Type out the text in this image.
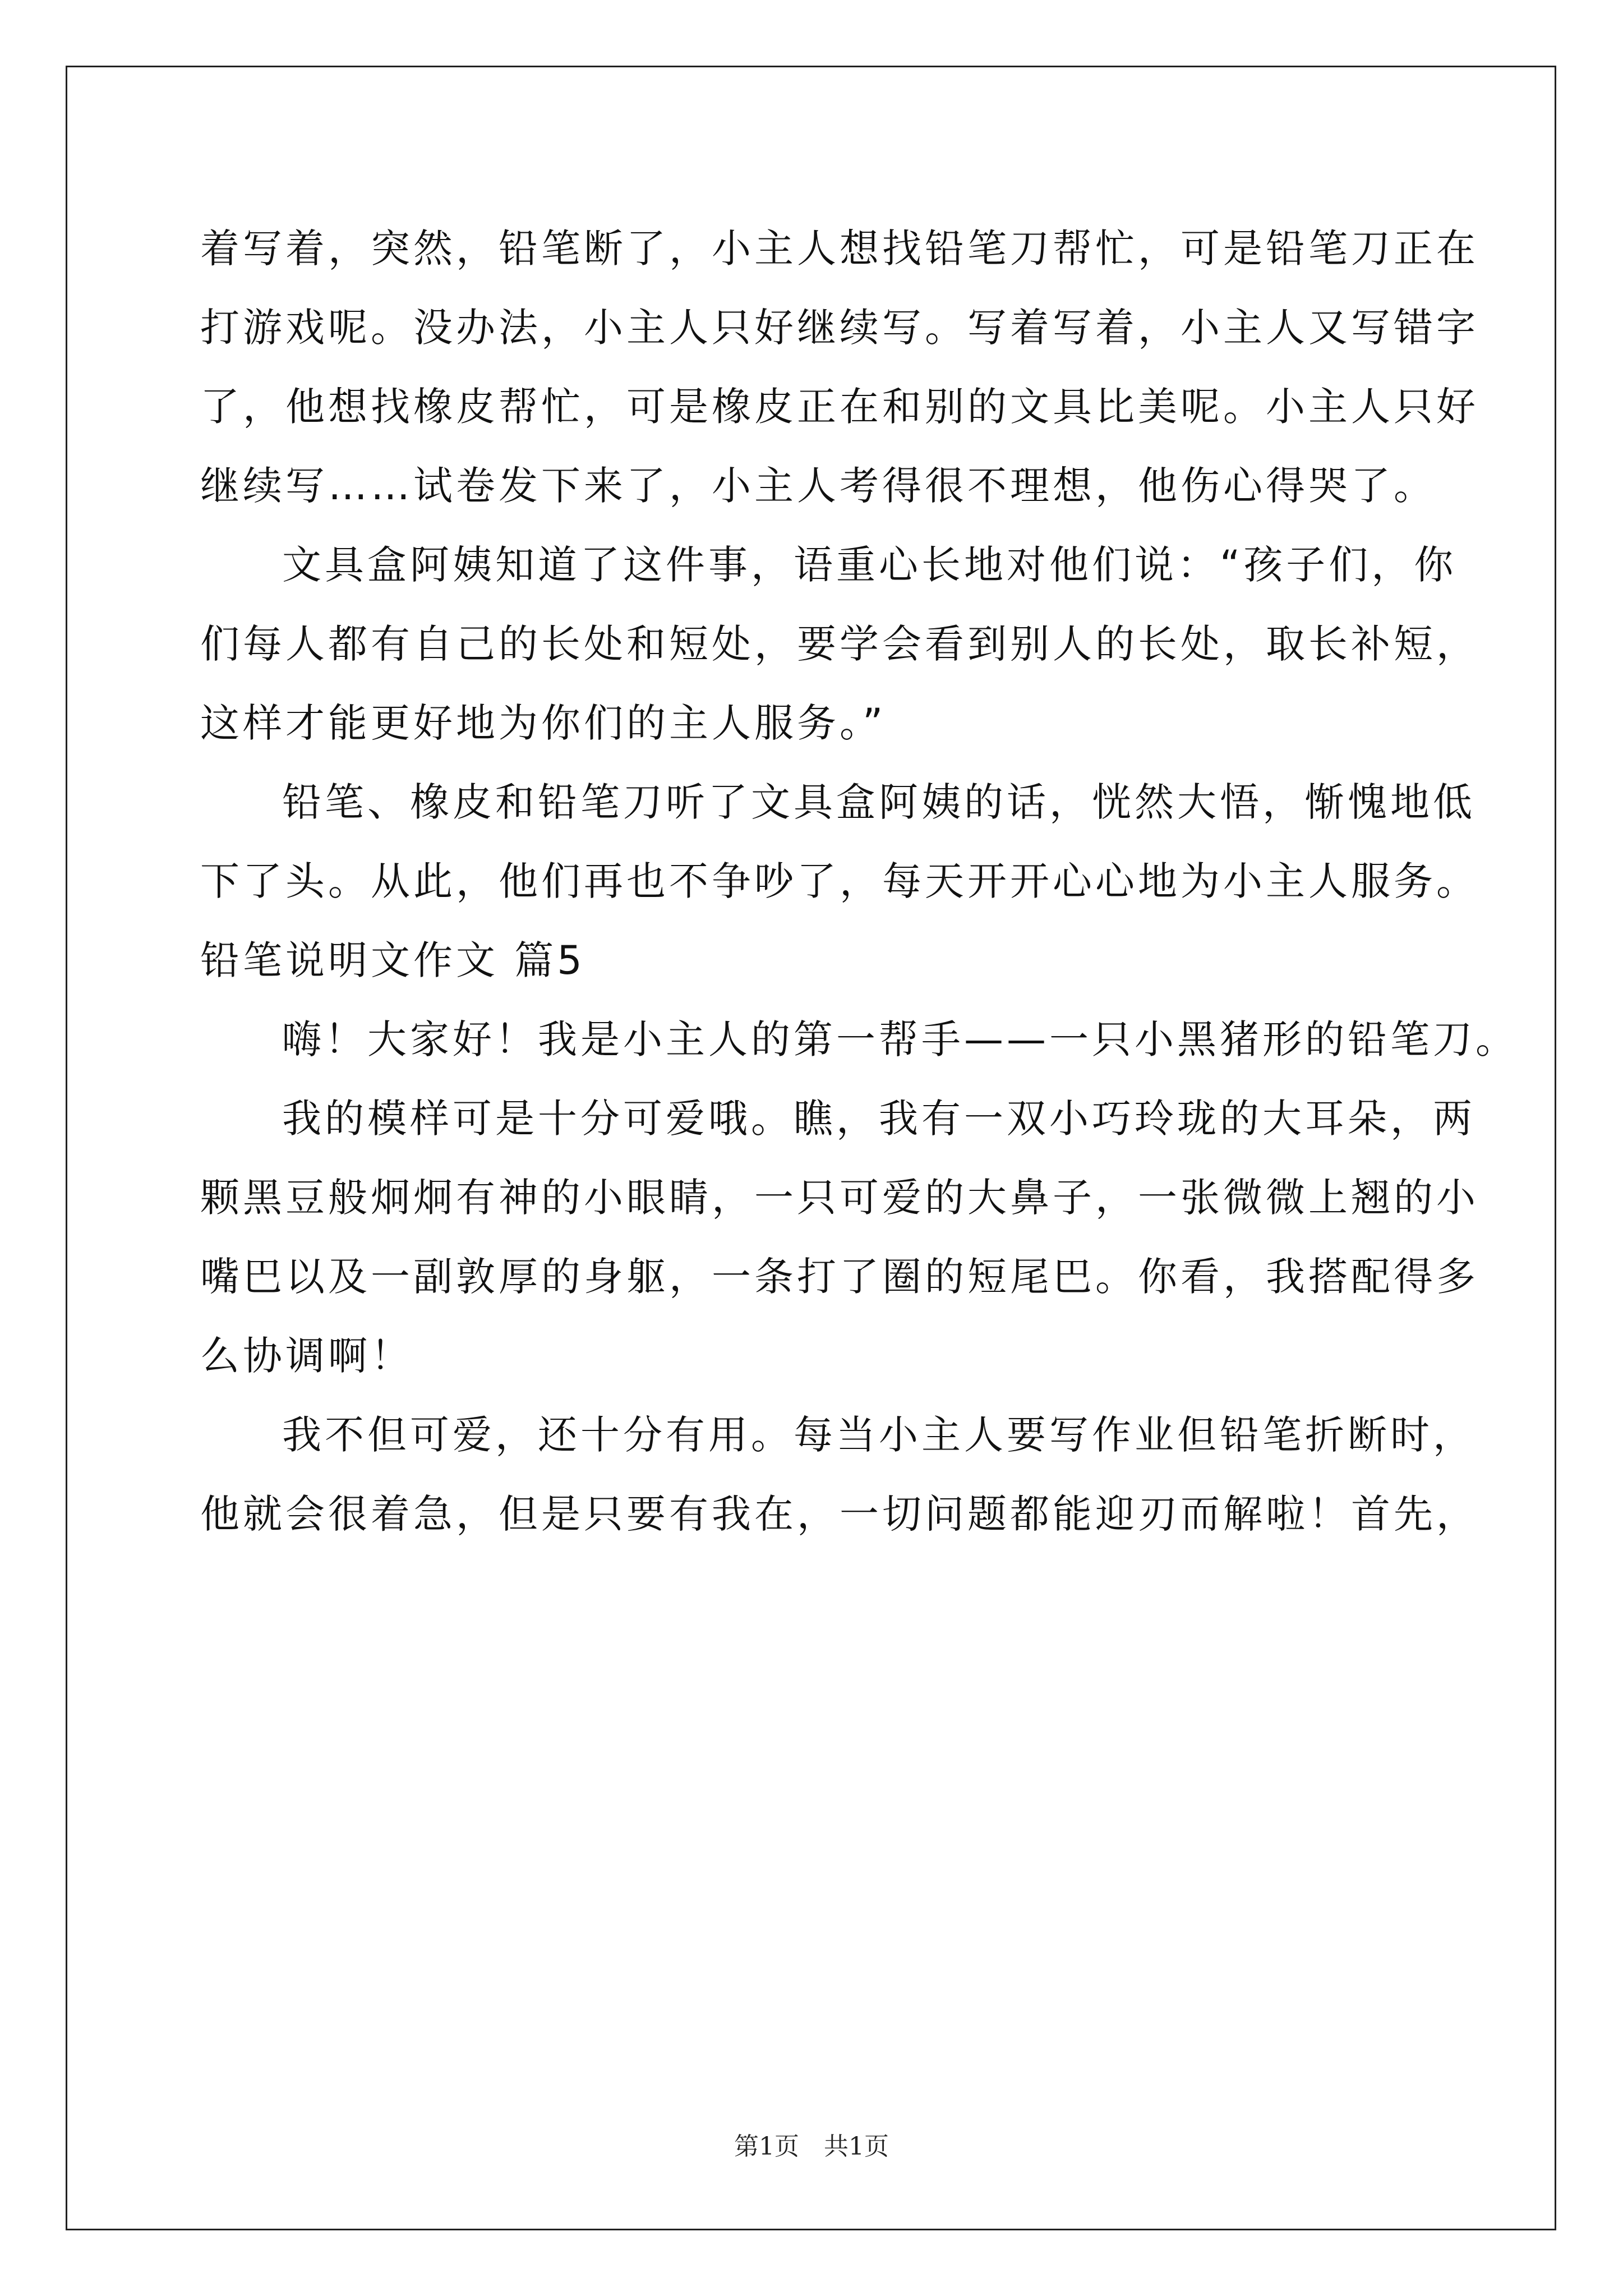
着写着，突然，铅笔断了，小主人想找铅笔刀帮忙，可是铅笔刀正在
打游戏呢。没办法，小主人只好继续写。写着写着，小主人又写错字
了，他想找橡皮帮忙，可是橡皮正在和别的文具比美呢。小主人只好
继续写……试卷发下来了，小主人考得很不理想，他伤心得哭了。
文具盒阿姨知道了这件事，语重心长地对他们说：“孩子们，你
们每人都有自己的长处和短处，要学会看到别人的长处，取长补短，
这样才能更好地为你们的主人服务。”
铅笔、橡皮和铅笔刀听了文具盒阿姨的话，恍然大悟，惭愧地低
下了头。从此，他们再也不争吵了，每天开开心心地为小主人服务。
铅笔说明文作文 篇5
嗨！大家好！我是小主人的第一帮手——一只小黑猪形的铅笔刀。
我的模样可是十分可爱哦。瞧，我有一双小巧玲珑的大耳朵，两
颗黑豆般炯炯有神的小眼睛，一只可爱的大鼻子，一张微微上翘的小
嘴巴以及一副敦厚的身躯，一条打了圈的短尾巴。你看，我搭配得多
么协调啊！
我不但可爱，还十分有用。每当小主人要写作业但铅笔折断时，
他就会很着急，但是只要有我在，一切问题都能迎刃而解啦！首先，
第1页　共1页
